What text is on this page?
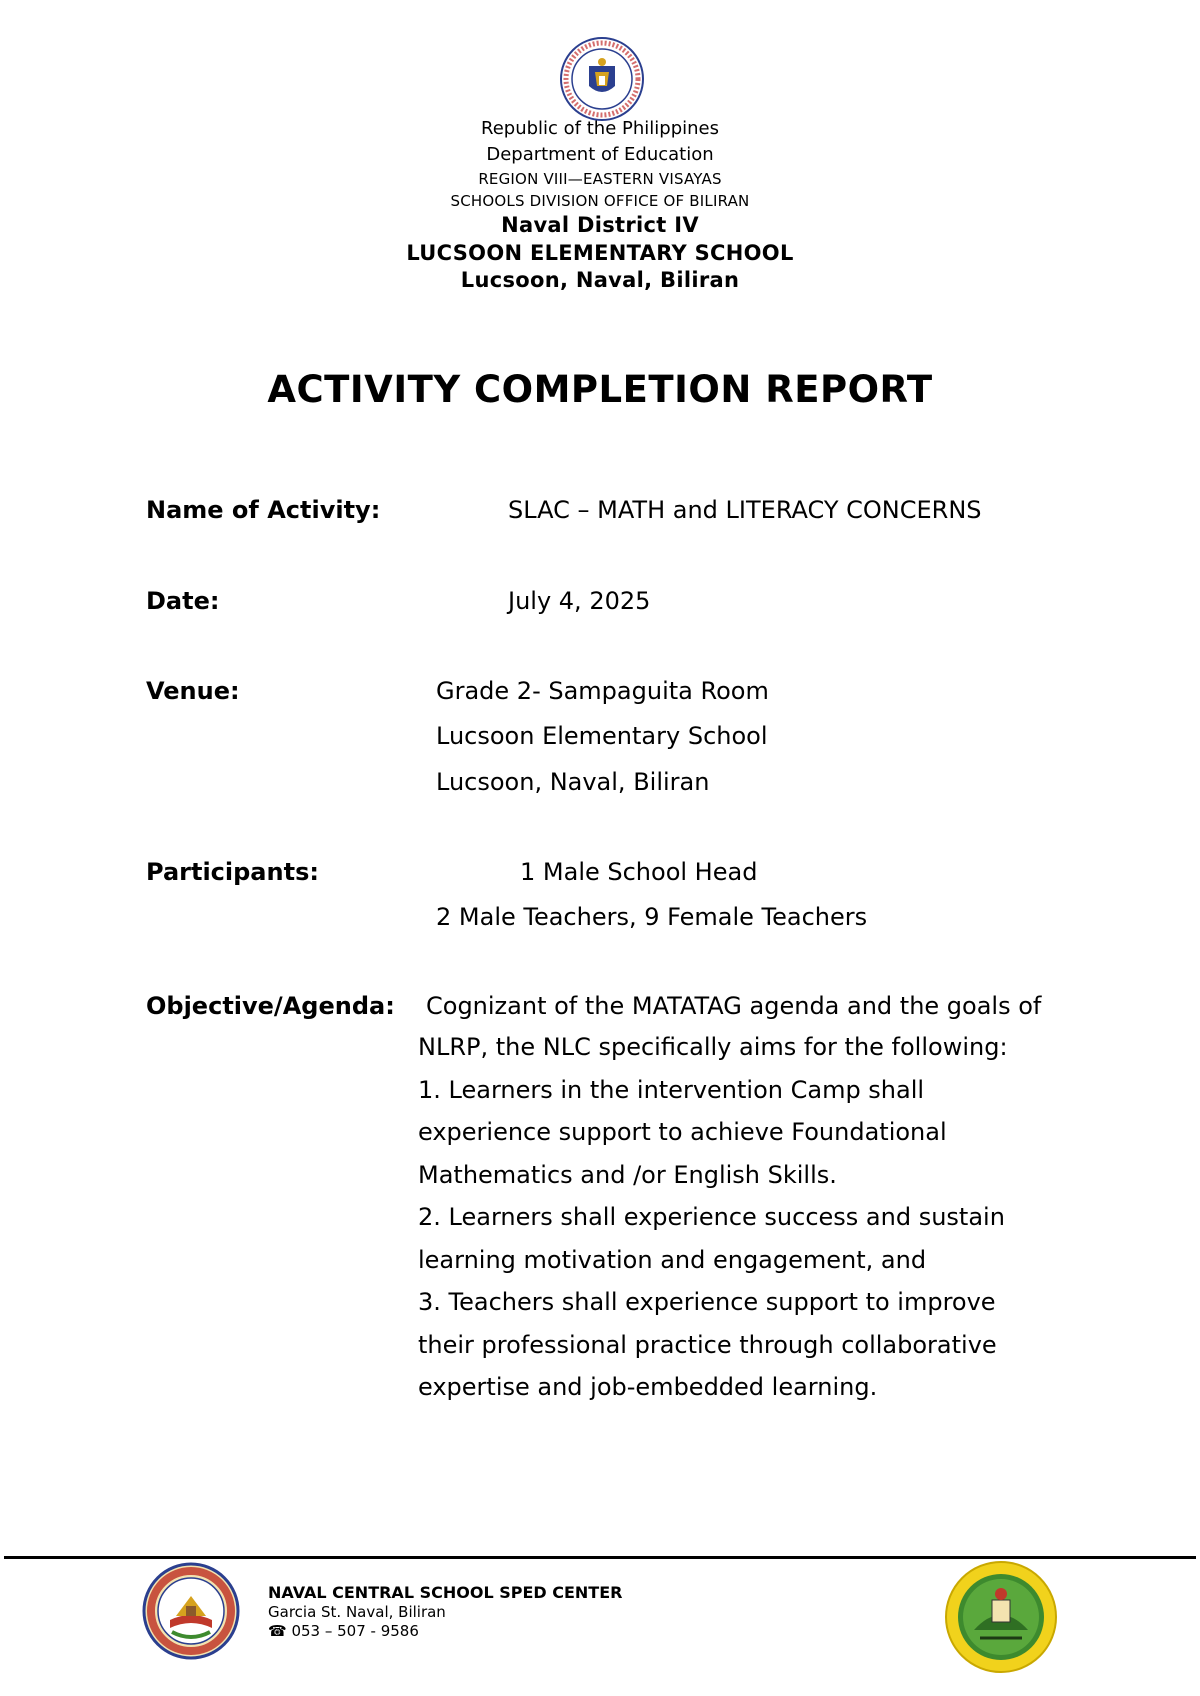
Republic of the Philippines
Department of Education
REGION VIII—EASTERN VISAYAS
SCHOOLS DIVISION OFFICE OF BILIRAN
Naval District IV
LUCSOON ELEMENTARY SCHOOL
Lucsoon, Naval, Biliran
ACTIVITY COMPLETION REPORT
Name of Activity:	SLAC – MATH and LITERACY CONCERNS
Date:	July 4, 2025
Venue:	Grade 2- Sampaguita Room
Lucsoon Elementary School
Lucsoon, Naval, Biliran
Participants:	1 Male School Head
2 Male Teachers, 9 Female Teachers
Objective/Agenda: Cognizant of the MATATAG agenda and the goals of

NLRP, the NLC specifically aims for the following:

1. Learners in the intervention Camp shall

experience support to achieve Foundational

Mathematics and /or English Skills.

2. Learners shall experience success and sustain

learning motivation and engagement, and

3. Teachers shall experience support to improve

their professional practice through collaborative

expertise and job-embedded learning.

NAVAL CENTRAL SCHOOL SPED CENTER
Garcia St. Naval, Biliran
☎ 053 – 507 - 9586
